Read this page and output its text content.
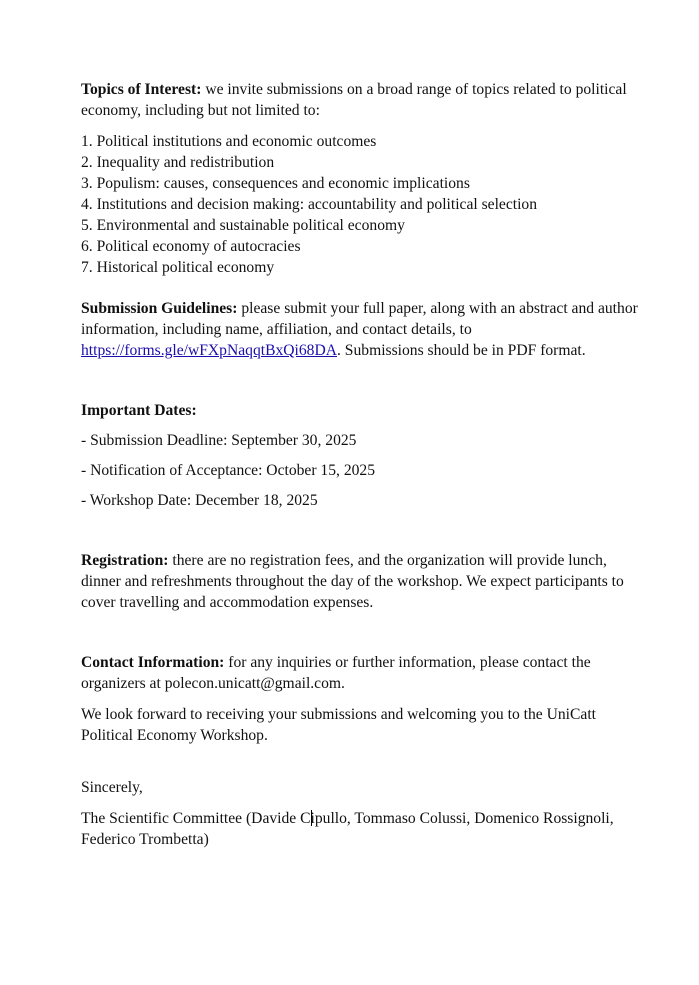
Topics of Interest: we invite submissions on a broad range of topics related to political economy, including but not limited to:

1. Political institutions and economic outcomes
2. Inequality and redistribution
3. Populism: causes, consequences and economic implications
4. Institutions and decision making: accountability and political selection
5. Environmental and sustainable political economy
6. Political economy of autocracies
7. Historical political economy

Submission Guidelines: please submit your full paper, along with an abstract and author information, including name, affiliation, and contact details, to https://forms.gle/wFXpNaqqtBxQi68DA. Submissions should be in PDF format.

Important Dates:

- Submission Deadline: September 30, 2025

- Notification of Acceptance: October 15, 2025

- Workshop Date: December 18, 2025

Registration: there are no registration fees, and the organization will provide lunch, dinner and refreshments throughout the day of the workshop. We expect participants to cover travelling and accommodation expenses.

Contact Information: for any inquiries or further information, please contact the organizers at polecon.unicatt@gmail.com.

We look forward to receiving your submissions and welcoming you to the UniCatt Political Economy Workshop.

Sincerely,

The Scientific Committee (Davide Cipullo, Tommaso Colussi, Domenico Rossignoli, Federico Trombetta)
